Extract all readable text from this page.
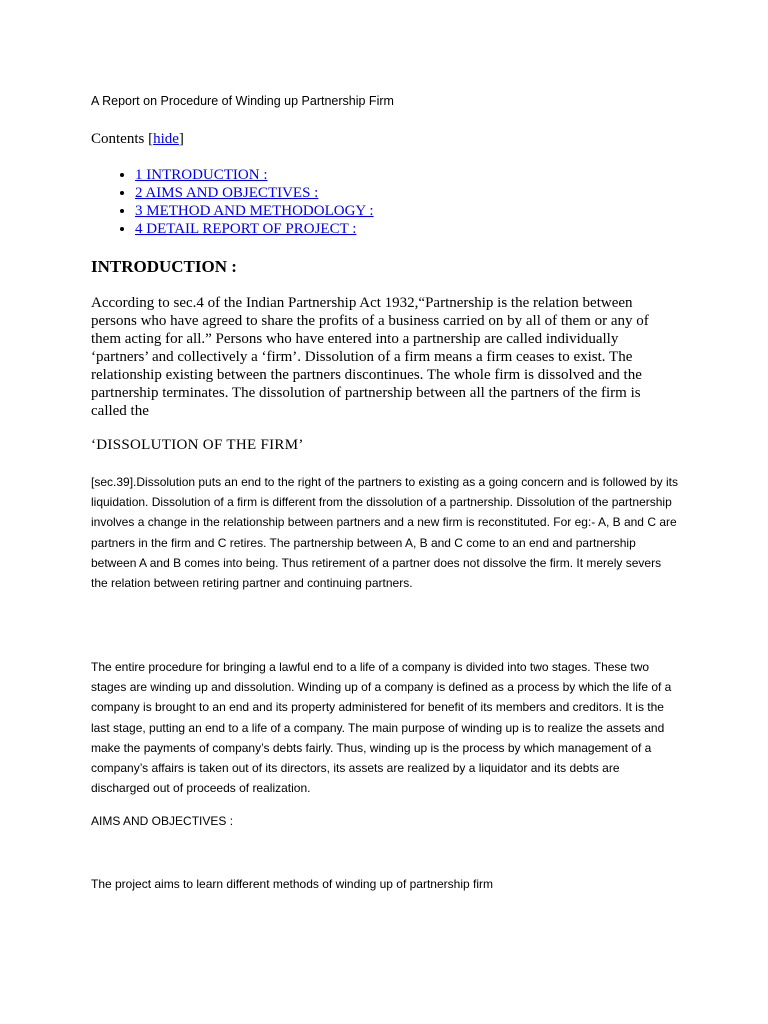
A Report on Procedure of Winding up Partnership Firm

Contents [hide]

• 1 INTRODUCTION :
• 2 AIMS AND OBJECTIVES :
• 3 METHOD AND METHODOLOGY :
• 4 DETAIL REPORT OF PROJECT :
INTRODUCTION :

According to sec.4 of the Indian Partnership Act 1932,“Partnership is the relation between persons who have agreed to share the profits of a business carried on by all of them or any of them acting for all.” Persons who have entered into a partnership are called individually ‘partners’ and collectively a ‘firm’. Dissolution of a firm means a firm ceases to exist. The relationship existing between the partners discontinues. The whole firm is dissolved and the partnership terminates. The dissolution of partnership between all the partners of the firm is called the

‘DISSOLUTION OF THE FIRM’

[sec.39].Dissolution puts an end to the right of the partners to existing as a going concern and is followed by its liquidation. Dissolution of a firm is different from the dissolution of a partnership. Dissolution of the partnership involves a change in the relationship between partners and a new firm is reconstituted. For eg:- A, B and C are partners in the firm and C retires. The partnership between A, B and C come to an end and partnership between A and B comes into being. Thus retirement of a partner does not dissolve the firm. It merely severs the relation between retiring partner and continuing partners.

The entire procedure for bringing a lawful end to a life of a company is divided into two stages. These two stages are winding up and dissolution. Winding up of a company is defined as a process by which the life of a company is brought to an end and its property administered for benefit of its members and creditors. It is the last stage, putting an end to a life of a company. The main purpose of winding up is to realize the assets and make the payments of company’s debts fairly. Thus, winding up is the process by which management of a company’s affairs is taken out of its directors, its assets are realized by a liquidator and its debts are discharged out of proceeds of realization.

AIMS AND OBJECTIVES :

The project aims to learn different methods of winding up of partnership firm
